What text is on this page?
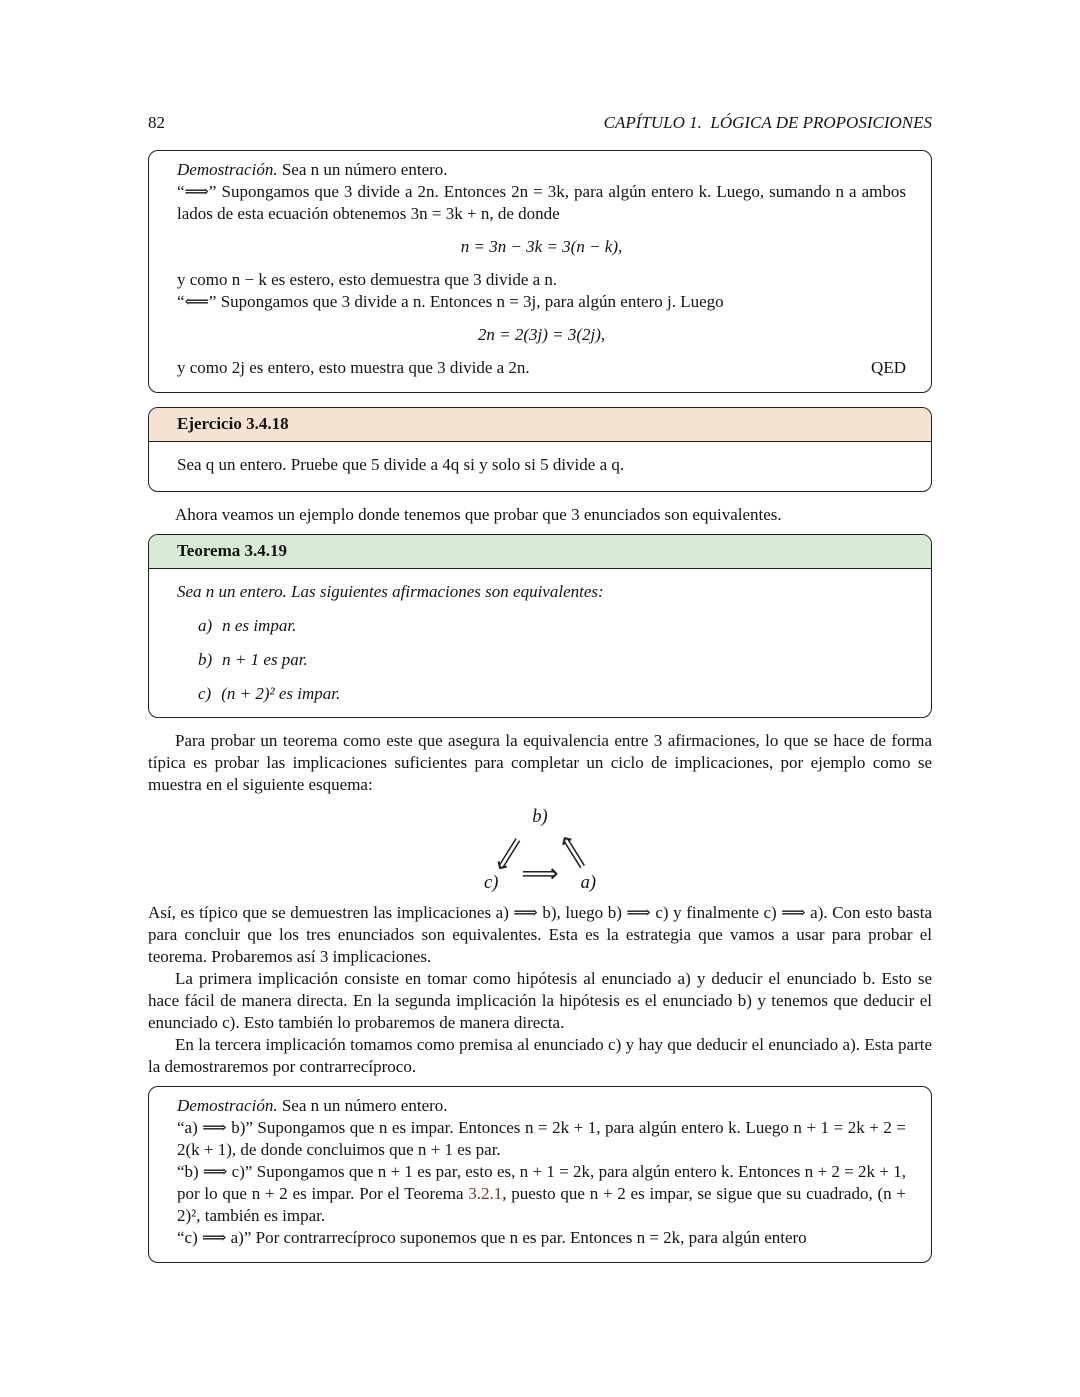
82	CAPÍTULO 1.  LÓGICA DE PROPOSICIONES

Demostración. Sea n un número entero.

“⟹” Supongamos que 3 divide a 2n. Entonces 2n = 3k, para algún entero k. Luego, sumando n a ambos lados de esta ecuación obtenemos 3n = 3k + n, de donde

n = 3n − 3k = 3(n − k),

y como n − k es estero, esto demuestra que 3 divide a n.

“⟸” Supongamos que 3 divide a n. Entonces n = 3j, para algún entero j. Luego

2n = 2(3j) = 3(2j),
y como 2j es entero, esto muestra que 3 divide a 2n.	QED
Ejercicio 3.4.18
Sea q un entero. Pruebe que 5 divide a 4q si y solo si 5 divide a q.

Ahora veamos un ejemplo donde tenemos que probar que 3 enunciados son equivalentes.

Teorema 3.4.19

Sea n un entero. Las siguientes afirmaciones son equivalentes:

a) n es impar.
b) n + 1 es par.
c) (n + 2)² es impar.

Para probar un teorema como este que asegura la equivalencia entre 3 afirmaciones, lo que se hace de forma típica es probar las implicaciones suficientes para completar un ciclo de implicaciones, por ejemplo como se muestra en el siguiente esquema:

b)
c)	a)
⟹ ⟹
⟹

Así, es típico que se demuestren las implicaciones a) ⟹ b), luego b) ⟹ c) y finalmente c) ⟹ a). Con esto basta para concluir que los tres enunciados son equivalentes. Esta es la estrategia que vamos a usar para probar el teorema. Probaremos así 3 implicaciones.

La primera implicación consiste en tomar como hipótesis al enunciado a) y deducir el enunciado b. Esto se hace fácil de manera directa. En la segunda implicación la hipótesis es el enunciado b) y tenemos que deducir el enunciado c). Esto también lo probaremos de manera directa.

En la tercera implicación tomamos como premisa al enunciado c) y hay que deducir el enunciado a). Esta parte la demostraremos por contrarrecíproco.

Demostración. Sea n un número entero.

“a) ⟹ b)” Supongamos que n es impar. Entonces n = 2k + 1, para algún entero k. Luego n + 1 = 2k + 2 = 2(k + 1), de donde concluimos que n + 1 es par.

“b) ⟹ c)” Supongamos que n + 1 es par, esto es, n + 1 = 2k, para algún entero k. Entonces n + 2 = 2k + 1, por lo que n + 2 es impar. Por el Teorema 3.2.1, puesto que n + 2 es impar, se sigue que su cuadrado, (n + 2)², también es impar.

“c) ⟹ a)” Por contrarrecíproco suponemos que n es par. Entonces n = 2k, para algún entero
